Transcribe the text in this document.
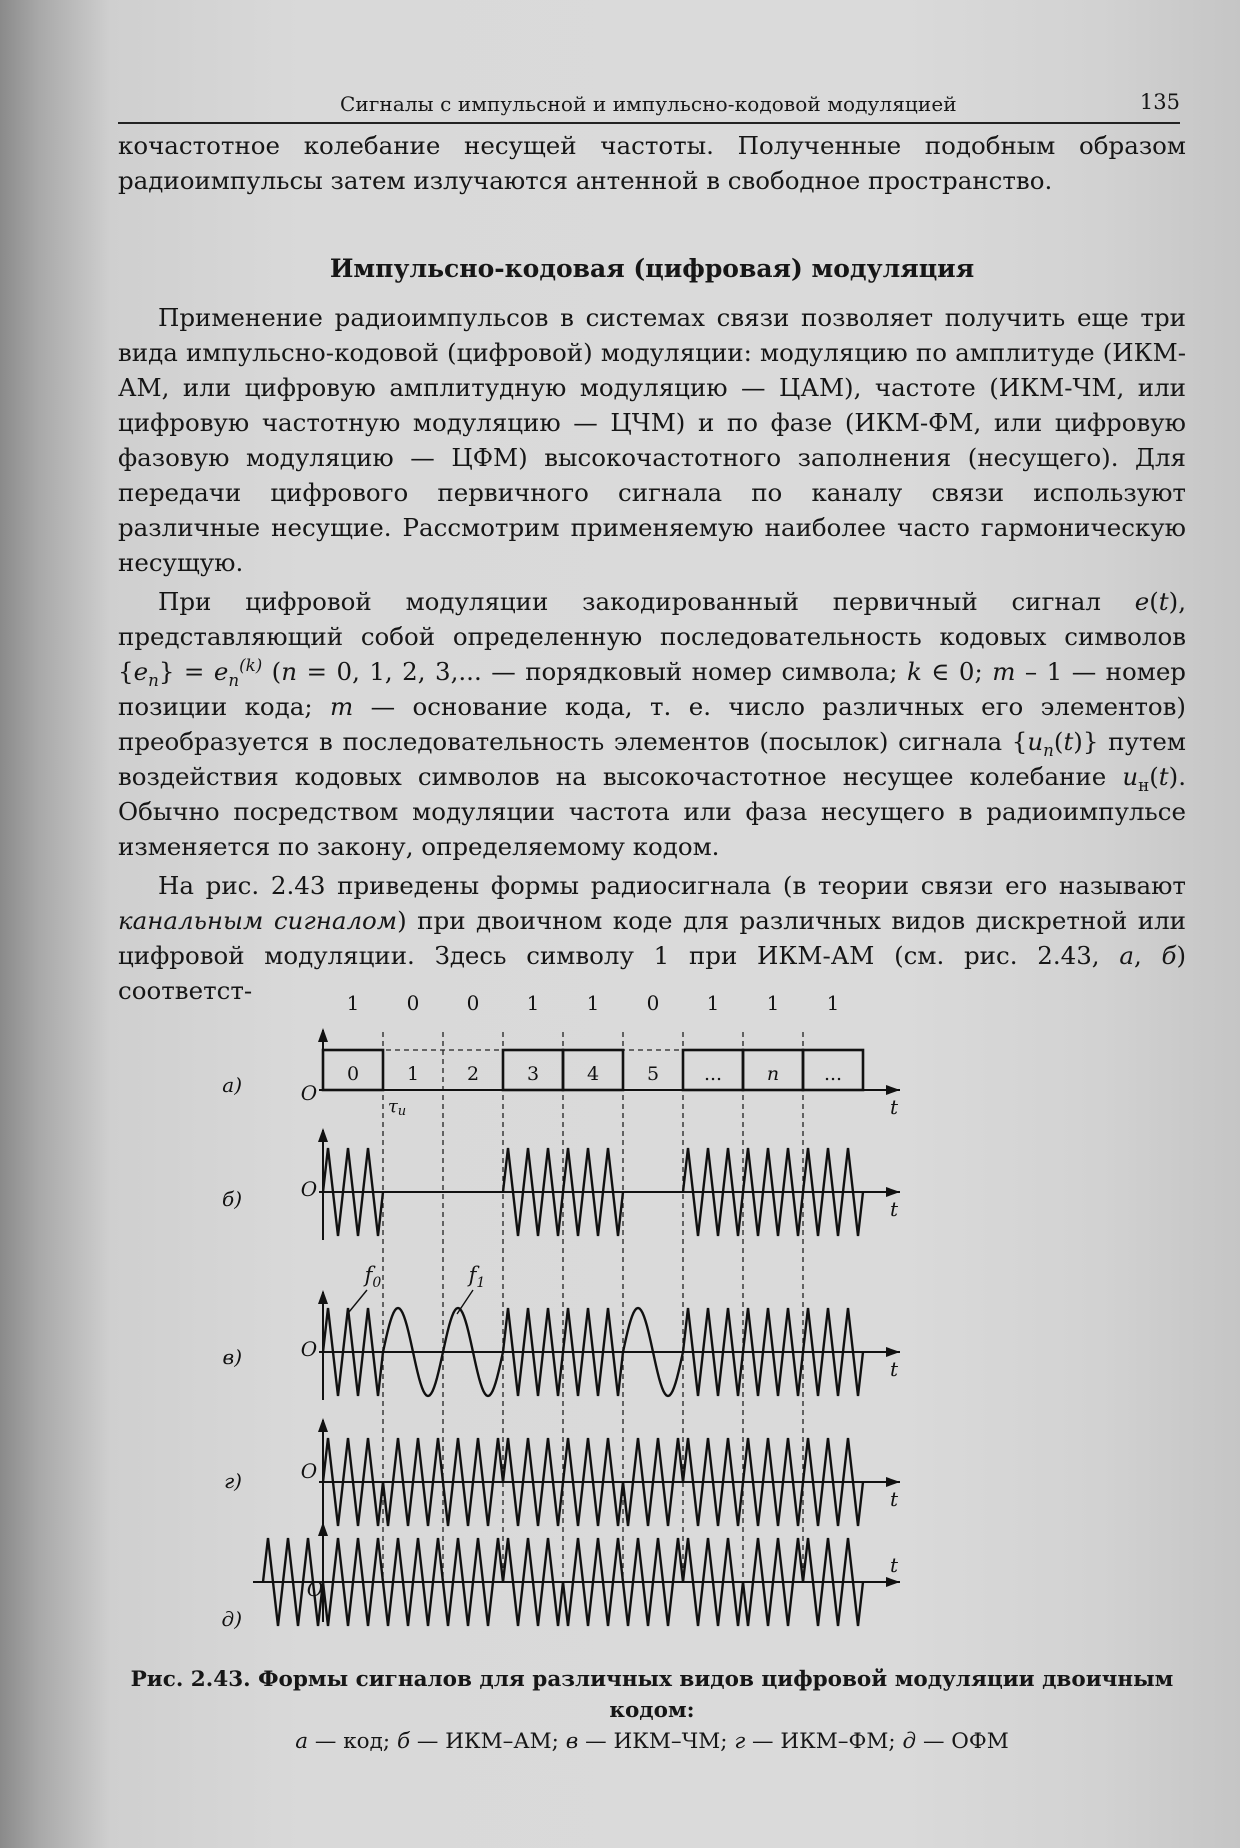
Сигналы с импульсной и импульсно-кодовой модуляцией	135

кочастотное колебание несущей частоты. Полученные подобным образом радиоимпульсы затем излучаются антенной в свободное пространство.

Импульсно-кодовая (цифровая) модуляция

Применение радиоимпульсов в системах связи позволяет получить еще три вида импульсно-кодовой (цифровой) модуляции: модуляцию по амплитуде (ИКМ-АМ, или цифровую амплитудную модуляцию — ЦАМ), частоте (ИКМ-ЧМ, или цифровую частотную модуляцию — ЦЧМ) и по фазе (ИКМ-ФМ, или цифровую фазовую модуляцию — ЦФМ) высокочастотного заполнения (несущего). Для передачи цифрового первичного сигнала по каналу связи используют различные несущие. Рассмотрим применяемую наиболее часто гармоническую несущую.

При цифровой модуляции закодированный первичный сигнал e(t), представляющий собой определенную последовательность кодовых символов $\{e_n\} = e_n^{(k)}$ (n = 0, 1, 2, 3,... — порядковый номер символа; k ∈ 0; m – 1 — номер позиции кода; m — основание кода, т. е. число различных его элементов) преобразуется в последовательность элементов (посылок) сигнала $\{u_n(t)\}$ путем воздействия кодовых символов на высокочастотное несущее колебание $u_н(t)$. Обычно посредством модуляции частота или фаза несущего в радиоимпульсе изменяется по закону, определяемому кодом.

На рис. 2.43 приведены формы радиосигнала (в теории связи его называют канальным сигналом) при двоичном коде для различных видов дискретной или цифровой модуляции. Здесь символу 1 при ИКМ-АМ (см. рис. 2.43, а, б) соответст-

а)	O
t
1 0 0 1 1 0 1 1 1
0	1	2	3	4	5 ... n ...
τи
б)	O
t
в)	O
t
$f_0$	$f_1$
г)	O
t
д)
O
t
Рис. 2.43. Формы сигналов для различных видов цифровой модуляции двоичным кодом:
а — код; б — ИКМ–АМ; в — ИКМ–ЧМ; г — ИКМ–ФМ; д — ОФМ
